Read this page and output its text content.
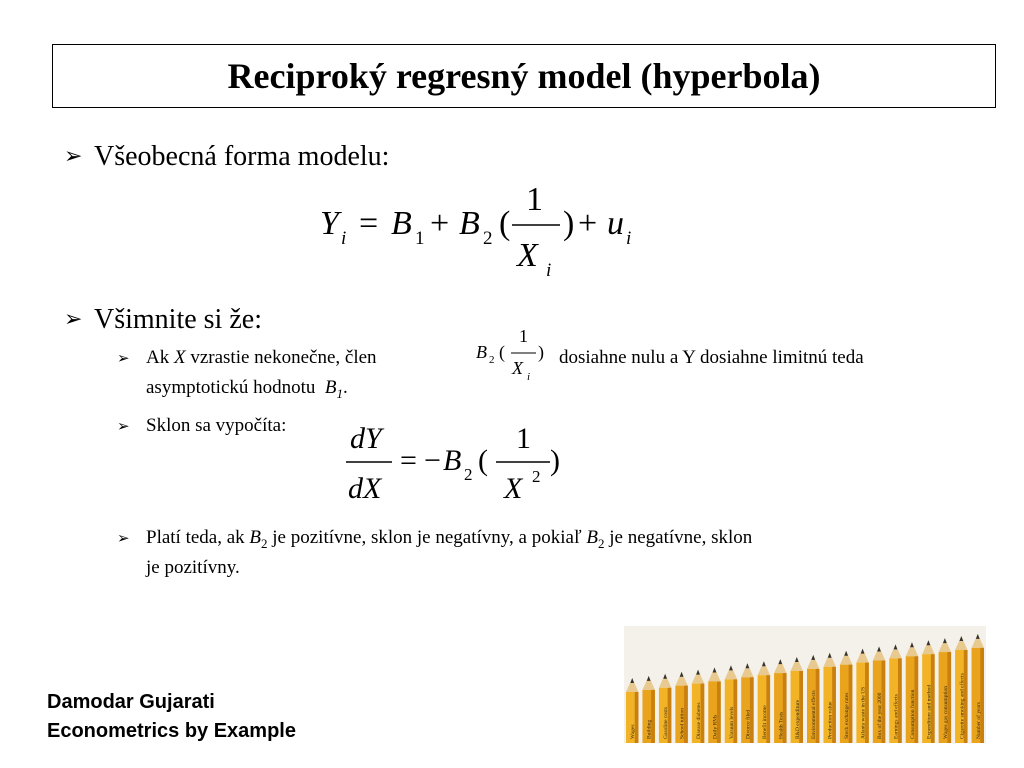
Reciproký regresný model (hyperbola)
➢ Všeobecná forma modelu:
Y i = B 1 + B 2 (
1
X i
) + u i
➢ Všimnite si že:
➢ Ak X vzrastie nekonečne, člen	dosiahne nulu a Y dosiahne limitnú teda
asymptotickú hodnotu $B_1$.
B 2 (
1
X i
)
➢ Sklon sa vypočíta: dY
dX
= − B 2 (
1
X 2 )
➢ Platí teda, ak $B_2$ je pozitívne, sklon je negatívny, a pokiaľ $B_2$ je negatívne, sklon
je pozitívny.
Damodar Gujarati
Econometrics by Example	Wages Building Gasoline costs School tuition Disease diabetes Daily RMs Vacuum levels Divorce filed Benefit income Health Tests R&D expenditure Environmental effects Production value Stock exchange rates Atlanta waste in the US Box of the year 2000 Earnings and effects Consumption function Expenditure and method Wages gas consumption Cigarette smoking and effects Number of years
